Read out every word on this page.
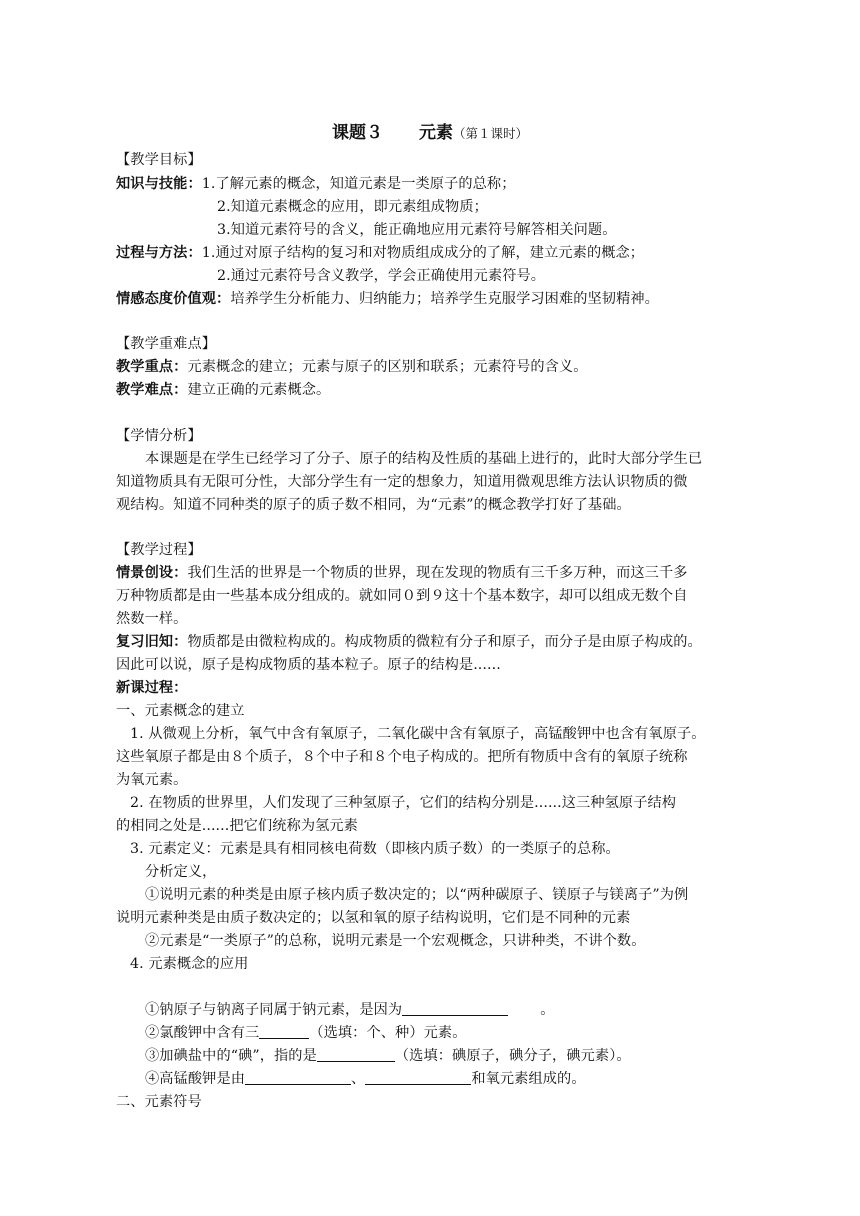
课题３ 元素（第１课时）
【教学目标】
知识与技能：1.了解元素的概念，知道元素是一类原子的总称；
2.知道元素概念的应用，即元素组成物质；
3.知道元素符号的含义，能正确地应用元素符号解答相关问题。
过程与方法：1.通过对原子结构的复习和对物质组成成分的了解，建立元素的概念；
2.通过元素符号含义教学，学会正确使用元素符号。
情感态度价值观：培养学生分析能力、归纳能力；培养学生克服学习困难的坚韧精神。
【教学重难点】
教学重点：元素概念的建立；元素与原子的区别和联系；元素符号的含义。
教学难点：建立正确的元素概念。
【学情分析】
本课题是在学生已经学习了分子、原子的结构及性质的基础上进行的，此时大部分学生已
知道物质具有无限可分性，大部分学生有一定的想象力，知道用微观思维方法认识物质的微
观结构。知道不同种类的原子的质子数不相同，为“元素”的概念教学打好了基础。
【教学过程】
情景创设：我们生活的世界是一个物质的世界，现在发现的物质有三千多万种，而这三千多
万种物质都是由一些基本成分组成的。就如同０到９这十个基本数字，却可以组成无数个自
然数一样。
复习旧知：物质都是由微粒构成的。构成物质的微粒有分子和原子，而分子是由原子构成的。
因此可以说，原子是构成物质的基本粒子。原子的结构是......
新课过程：
一、元素概念的建立
1. 从微观上分析，氧气中含有氧原子，二氧化碳中含有氧原子，高锰酸钾中也含有氧原子。
这些氧原子都是由８个质子，８个中子和８个电子构成的。把所有物质中含有的氧原子统称
为氧元素。
2. 在物质的世界里，人们发现了三种氢原子，它们的结构分别是......这三种氢原子结构
的相同之处是......把它们统称为氢元素
3. 元素定义：元素是具有相同核电荷数（即核内质子数）的一类原子的总称。
分析定义，
①说明元素的种类是由原子核内质子数决定的；以“两种碳原子、镁原子与镁离子”为例
说明元素种类是由质子数决定的；以氢和氧的原子结构说明，它们是不同种的元素
②元素是“一类原子”的总称，说明元素是一个宏观概念，只讲种类，不讲个数。
4. 元素概念的应用
①钠原子与钠离子同属于钠元素，是因为	。
②氯酸钾中含有三	（选填：个、种）元素。
③加碘盐中的“碘”，指的是	（选填：碘原子，碘分子，碘元素）。
④高锰酸钾是由	、	和氧元素组成的。
二、元素符号
